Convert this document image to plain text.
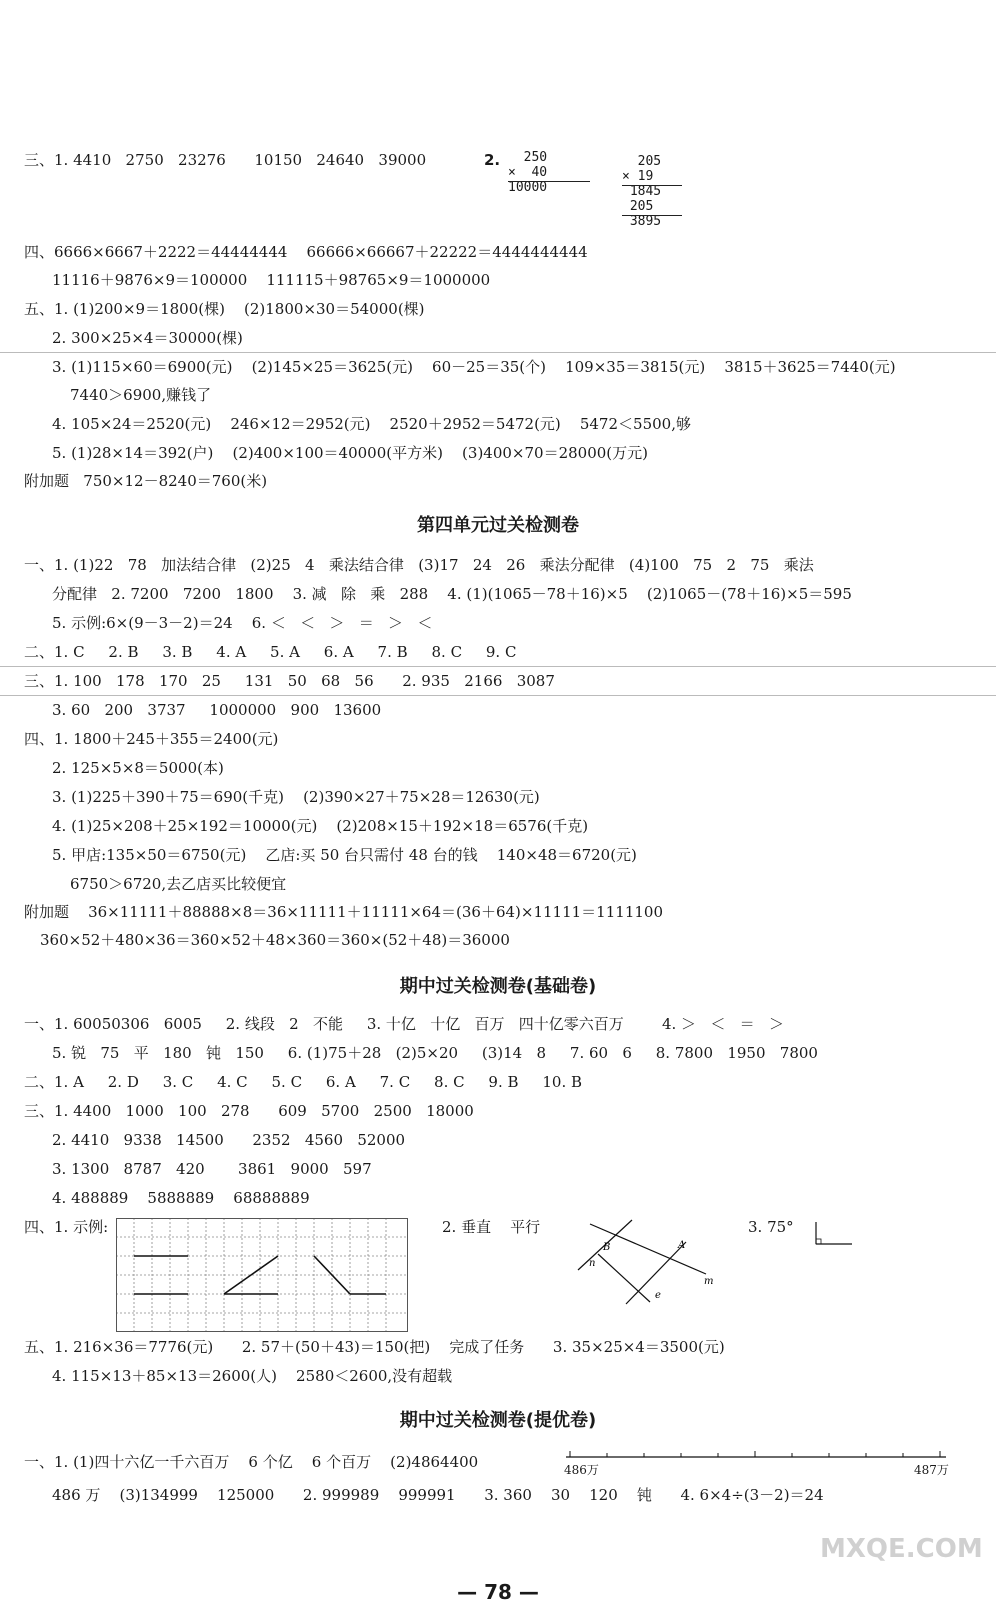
三、1. 4410   2750   23276      10150   24640   39000	2.	250
×  40
10000
205
× 19
1845
205
3895
四、6666×6667＋2222＝44444444    66666×66667＋22222＝4444444444
11116＋9876×9＝100000    111115＋98765×9＝1000000
五、1. (1)200×9＝1800(棵)    (2)1800×30＝54000(棵)
2. 300×25×4＝30000(棵)
3. (1)115×60＝6900(元)    (2)145×25＝3625(元)    60－25＝35(个)    109×35＝3815(元)    3815＋3625＝7440(元)
7440＞6900,赚钱了
4. 105×24＝2520(元)    246×12＝2952(元)    2520＋2952＝5472(元)    5472＜5500,够
5. (1)28×14＝392(户)    (2)400×100＝40000(平方米)    (3)400×70＝28000(万元)
附加题   750×12－8240＝760(米)
第四单元过关检测卷
一、1. (1)22   78   加法结合律   (2)25   4   乘法结合律   (3)17   24   26   乘法分配律   (4)100   75   2   75   乘法
分配律   2. 7200   7200   1800    3. 减   除   乘   288    4. (1)(1065－78＋16)×5    (2)1065－(78＋16)×5＝595
5. 示例:6×(9－3－2)＝24    6. ＜   ＜   ＞   ＝   ＞   ＜
二、1. C     2. B     3. B     4. A     5. A     6. A     7. B     8. C     9. C
三、1. 100   178   170   25     131   50   68   56      2. 935   2166   3087
3. 60   200   3737     1000000   900   13600
四、1. 1800＋245＋355＝2400(元)
2. 125×5×8＝5000(本)
3. (1)225＋390＋75＝690(千克)    (2)390×27＋75×28＝12630(元)
4. (1)25×208＋25×192＝10000(元)    (2)208×15＋192×18＝6576(千克)
5. 甲店:135×50＝6750(元)    乙店:买 50 台只需付 48 台的钱    140×48＝6720(元)
6750＞6720,去乙店买比较便宜
附加题    36×11111＋88888×8＝36×11111＋11111×64＝(36＋64)×11111＝1111100
360×52＋480×36＝360×52＋48×360＝360×(52＋48)＝36000
期中过关检测卷(基础卷)
一、1. 60050306   6005     2. 线段   2   不能     3. 十亿   十亿   百万   四十亿零六百万        4. ＞   ＜   ＝   ＞
5. 锐   75   平   180   钝   150     6. (1)75＋28   (2)5×20     (3)14   8     7. 60   6     8. 7800   1950   7800
二、1. A     2. D     3. C     4. C     5. C     6. A     7. C     8. C     9. B     10. B
三、1. 4400   1000   100   278      609   5700   2500   18000
2. 4410   9338   14500      2352   4560   52000
3. 1300   8787   420       3861   9000   597
4. 488889    5888889    68888889
四、1. 示例:	2. 垂直    平行
B	A
n
m
e
3. 75°
五、1. 216×36＝7776(元)      2. 57＋(50＋43)＝150(把)    完成了任务      3. 35×25×4＝3500(元)
4. 115×13＋85×13＝2600(人)    2580＜2600,没有超载
期中过关检测卷(提优卷)
一、1. (1)四十六亿一千六百万    6 个亿    6 个百万    (2)4864400	486万	487万
486 万    (3)134999    125000      2. 999989    999991      3. 360    30    120    钝      4. 6×4÷(3－2)＝24
MXQE.COM
— 78 —
